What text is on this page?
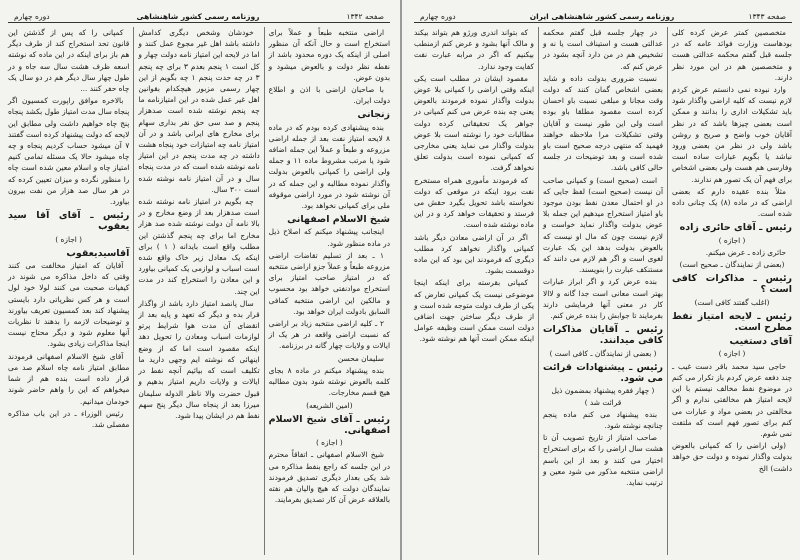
صفحه ۱۳۴۲
روزنامه رسمی کشور شاهنشاهی
دوره چهارم

اراضی منتخبه طبعاً و عملاً برای استخراج است و حال آنکه آن منظور اصلی از اینکه یک دوره محدود باشد از نقطه نظر دولت و بالعوض میشود و بدون عوض.

با صاحبان اراضی با اذن و اطلاع دولت ایران.

زنجانی

بنده پیشنهادی کرده بودم که در ماده ۸ لایحه امتیاز نفت بعد از جمله اراضی مزروعه و طبعاً و عملاً این جمله اضافه شود یا مرتب مشروط ماده ۱۱ و جمله ولی اراضی را کمپانی بالعوض بدولت واگذار نموده مطالبه و این جمله که در آن نوشته شود در مورد اراضی موقوفه ملی برای کمپانی نخواهد بود.

شیخ الاسلام اصفهانی

اینجانب پیشنهاد میکنم که اصلاح ذیل در ماده منظور شود.

۱ ـ بعد از تسلیم تقاضات اراضی مزروعه طبعاً و عملاً جزو اراضی منتخبه که در امتیاز صاحب امتیاز برای استخراج موادنفتی خواهد بود محسوب و مالکین این اراضی منتخبه کمافی السابق بادولت ایران خواهد بود.

۲ ـ کلیه اراضی منتخبه زیاد بر اراضی که نسبت اراضی واقعه در هر یک از ایالات و ولایات چهار گانه در برزنامه.

سلیمان محسن

بنده پیشنهاد میکنم در ماده ۸ بجای کلمه بالعوض نوشته شود بدون مطالبه هیچ قسم مخارجات.

(امین الشریعه)

رئیس ـ آقای شیخ الاسلام اصفهانی.

( اجازه )

شیخ الاسلام اصفهانی ـ اتفاقاً محترم در این جلسه که راجع بنفط مذاکره می شد یکی بعدار دیگری تصدیق فرمودند نمایندگان دولت که هیچ والیان هم نفته بالعلاقه عرض آن کار تصدیق بفرمایند.

خودشان وشخص دیگری کدامش داشته باشد اهل غیر مجوع عمل کنند و اما در لایحه این امتیاز نامه دولت چهار و کل است ۱ پنجم بعدم ۳ برای چه پنجم ۳ در چه حدت پنجم ۱ چه بگویم از این چهار رسمی مزبور هیچکدام بقوانین اهل غیر عمل شده در این امتیازنامه ما چه پنجم نوشته شده است صدهزار پنجم و صد سی حق نفر بداری سهام برای مخارج های ایرانی باشد و در آن امتیاز نامه چه امتیازات خود پنجاه هشت داشته در چه مدت پنجم در این امتیاز نامه نوشته شده است که در مدت پنجاه سال و در آن امتیاز نامه نوشته شده است ۳۰۰ سال.

چه بگویم در امتیاز نامه نوشته شده است صدهزار بعد از وضع مخارج و در بالا نامه آن دولت نوشته شده صد هزار مخارج اما برای چه پنجم گذشتن این مطلب واقع است بایدانه ( ۱ ) برای اینکه یک معادل زیر خاک واقع شده است اسباب و لوازمی یک کمپانی بیاورد و این معادن را استخراج کند در مدت این چند.

سال پانصد امتیاز دارد باشد از واگذار قرار بده و دیگر که تعهد و پایه بعد از انقضای آن مدت هوا شرایط پرتو لوازمات اسباب ومعادن را تحویل دهد اینکه مقصود است اما که از وضع اینهائی که نوشته ایم وجهی دارید ما تکلیف است که بیائیم آنچه نفط در ایالات و ولایات داریم امتیاز بدهیم و قبول حضرت والا ناظر الدوله سلیمان میرزا بعد از پنجاه سال دیگر پنج سهم نفط هم در ایشان پیدا شود.

کمپانی را که پس از گذشتن این قانون تحد استخراج کند از طرف دیگر هم باز برای اینکه در این ماده که نوشته اسعه ظرف هشت سال سه جاه و در طول چهار سال دیگر هم در دو سال یک چاه حفر کنند ...

بالاخره موافق راپورت کمسیون اگر پنجاه سال مدت امتیاز طول بکشد پنجاه پنج چاه خواهیم داشت ولی مطابق این لایحه که دولت پیشنهاد کرده است گفتند ۷ آن میشود حساب کردیم پنجاه و چه چاه میشود حالا یک مسئله تمامی کنیم امتیاز چاه و اسلام معین شده است چاه را منظور نگرده و میزان تعیین کرده که در هر سال صد هزار من نفت بیرون بیاورد.

رئیس ـ آقای آقا سید یعقوب

( اجازه )

آقاسیدیعقوب

آقایان که امتیاز مخالفت می کنند وقتی که داخل مذاکره می شوند در کیفیات صحبت می کنند لولا خود لول است و هر کس نظریاتی دارد بایستی پیشنهاد کند بعد کمسیون تعریف بیاورند و توضیحات لازمه را بدهند تا نظریات آنها معلوم شود و دیگر محتاج نیست اینجا مذاکرات زیادی بشود.

آقای شیخ الاسلام اصفهانی فرمودند مطابق امتیاز نامه چاه اسلام صد می قرار داده است بنده هم از شما میخواهم که این را واهم حاضر شوند خودمان میدانیم.

رئیس الوزراء ـ در این باب مذاکره مفصلی شد.

صفحه ۱۳۴۳
روزنامه رسمی کشور شاهنشاهی ایران
دوره چهارم

متخصصین کمتر عرض کرده کلی بودهاست وزارت فوائد عامه که در جلسه قبل گفتم محکمه عدالتی هست و متخصصین هم در این مورد نظر دارند.

وارد نبوده نمی دانستم عرض کردم لازم نیست که کلیه اراضی واگذار شود باید تشکیلات اداری را بدانند و ممکن است بعضی چیزها باشد که در نظر آقایان خوب واضح و صریح و روشن باشد ولی در نظر من بعضی ورود نباشد یا بگویم عبارات ساده است وفارسی هم هست ولی بعضی اشخاص برای فهم آن یک تصور هم ندارند.

مثلاً بنده عقیده دارم که بعضی اراضی که در ماده (۸) یک چنانی داده شده است.

رئیس ـ آقای حائری زاده

( اجازه )

حائری زاده ـ عرض میکنم.

(بعضی از نمایندگان ـ صحیح است)

رئیس ـ مذاکرات کافی است ؟

(اغلب گفتند کافی است)

رئیس ـ لایحه امتیاز نفط مطرح است.

آقای دستغیب

( اجازه )

حاجی سید محمد باقر دست غیب ـ چند دفعه عرض کردم باز تکرار می کنم در موضوع نفط مخالف نیستم با این لایحه امتیاز هم مخالفتی ندارم و اگر مخالفتی در بعضی مواد و عبارات می کنم برای تصور فهم است که ملتفت نمی شوم.

(ولی اراضی را که کمپانی بالعوض بدولت واگذار نموده و دولت حق خواهد داشت) الخ

در چهار جلسه قبل گفتم محکمه عدالتی هست و استیناف است یا نه و تشخیص هم در من دارد آنچه بشود در عرض کنم که.

نسبت ضروری بدولت داده و شاید بعضی اشخاص گمان کنند که دولت وقت مجانا و مبلغی نسبت باو احسان کرده است مقصود مطلقا باو بوده است ولی این طور نیست و آقایان وقتی تشکیلات مرا ملاحظه خواهند فهمید که منتهی درجه صحیح است باو شده است و بعد توضیحات در جلسه حالی کافی باشد.

است (صحیح است) و کمپانی صاحب آن نیست (صحیح است) لفظ جایی که در او احتمال معدن نفط بودن موجود باو امتیاز استخراج میدهیم این جمله بلا عوض بدولت واگذار نماید خواست و لازم نیست چون که مال او نیست که بالعوض بدولت بدهد این یک عبارت لغوی است و اگر هم لازم می دانند که مستنکف عبارت را بنویسند.

بنده عرض کرد و اگر ابراز عبارات بهتر است معانی است جدا گانه و لاالا کار در معنی آنها فرمایشی دارند بفرمایند تا جوابش را بنده عرض کنم.

رئیس ـ آقایان مذاکرات کافی میدانند.

( بعضی از نمایندگان ـ کافی است )

رئیس ـ پیشنهادات قرائت می شود.

( چهار فقره پیشنهاد بمضمون ذیل قرائت شد )

بنده پیشنهاد می کنم ماده پنجم چنانچه نوشته شود.

صاحب امتیاز از تاریخ تصویب آن تا هشت سال اراضی را که برای استخراج اختیار می کنند و بعد از این باسم اراضی منتخبه مذکور می شود معین و ترتیب نماید.

که بتواند اندری ورژو هم بتواند بیکند و مالک آنها بشود و عرض کنم ازمنطب بیکنیم که اگر در مرابه عبارت نفت کفایت وجود ندارد.

مقصود ایشان در مطلب است یکی اینکه وقتی اراضی را کمپانی بلا عوض بدولت واگذار نموده فرمودند بالعوض یعنی چه بنده عرض می کنم کمپانی در جواهر یک تحقیقاتی کرده دولت مطالبات خود را نوشته است بلا عوض بدولت واگذار می نماید یعنی مخارجی که کمپانی نموده است بدولت تعلق نخواهد گرفت.

که فرمودند مأموری همراه مستخرج نفت برود اینکه در موقعی که دولت نخواسته باشد تحویل بگیرد حقش می فرستد و تحقیقات خواهد کرد و در این ماده نوشته شده است.

اگر در آن اراضی معادن دیگر باشد کمپانی واگذار نخواهد کرد مطلب دیگری که فرمودند این بود که این ماده دوقسمت بشود.

کمپانی بقرسته برای اینکه اینجا موضوعی نیست یک کمپانی تعارض که یکی از طرف دولت متوجه شده است و از طرف دیگر ساختن جهت اضافی دولت است ممکن است وظیفه عوامل اینکه ممکن است آنها هم نوشته شود.
